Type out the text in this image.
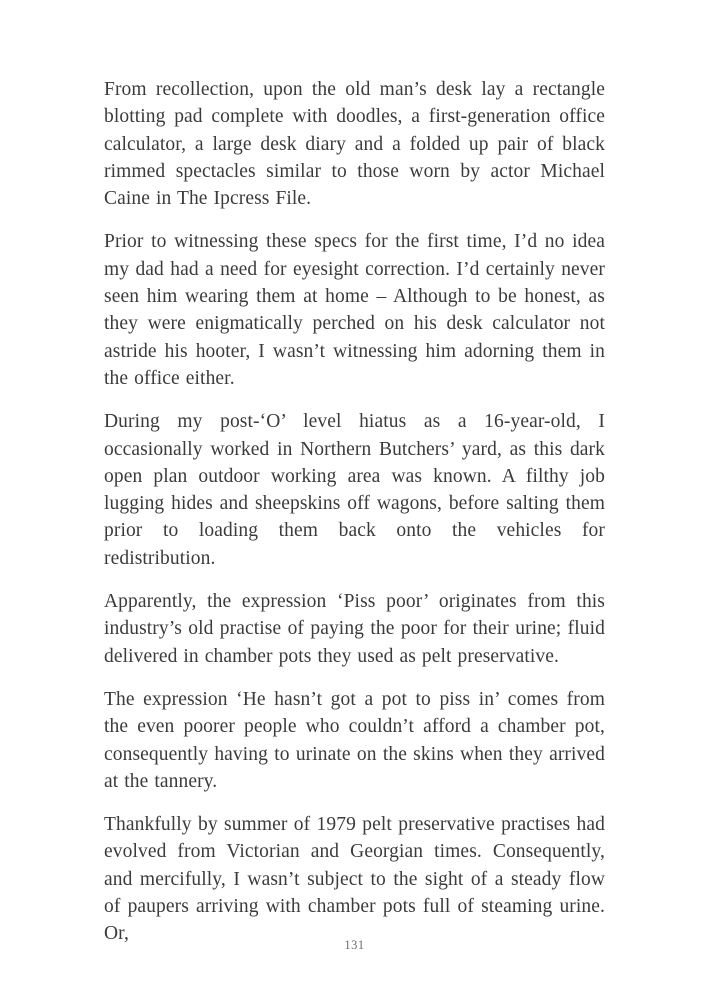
From recollection, upon the old man’s desk lay a rectangle blotting pad complete with doodles, a first-generation office calculator, a large desk diary and a folded up pair of black rimmed spectacles similar to those worn by actor Michael Caine in The Ipcress File.

Prior to witnessing these specs for the first time, I’d no idea my dad had a need for eyesight correction. I’d certainly never seen him wearing them at home – Although to be honest, as they were enigmatically perched on his desk calculator not astride his hooter, I wasn’t witnessing him adorning them in the office either.

During my post-‘O’ level hiatus as a 16-year-old, I occasionally worked in Northern Butchers’ yard, as this dark open plan outdoor working area was known. A filthy job lugging hides and sheepskins off wagons, before salting them prior to loading them back onto the vehicles for redistribution.

Apparently, the expression ‘Piss poor’ originates from this industry’s old practise of paying the poor for their urine; fluid delivered in chamber pots they used as pelt preservative.

The expression ‘He hasn’t got a pot to piss in’ comes from the even poorer people who couldn’t afford a chamber pot, consequently having to urinate on the skins when they arrived at the tannery.

Thankfully by summer of 1979 pelt preservative practises had evolved from Victorian and Georgian times. Consequently, and mercifully, I wasn’t subject to the sight of a steady flow of paupers arriving with chamber pots full of steaming urine. Or,

131
